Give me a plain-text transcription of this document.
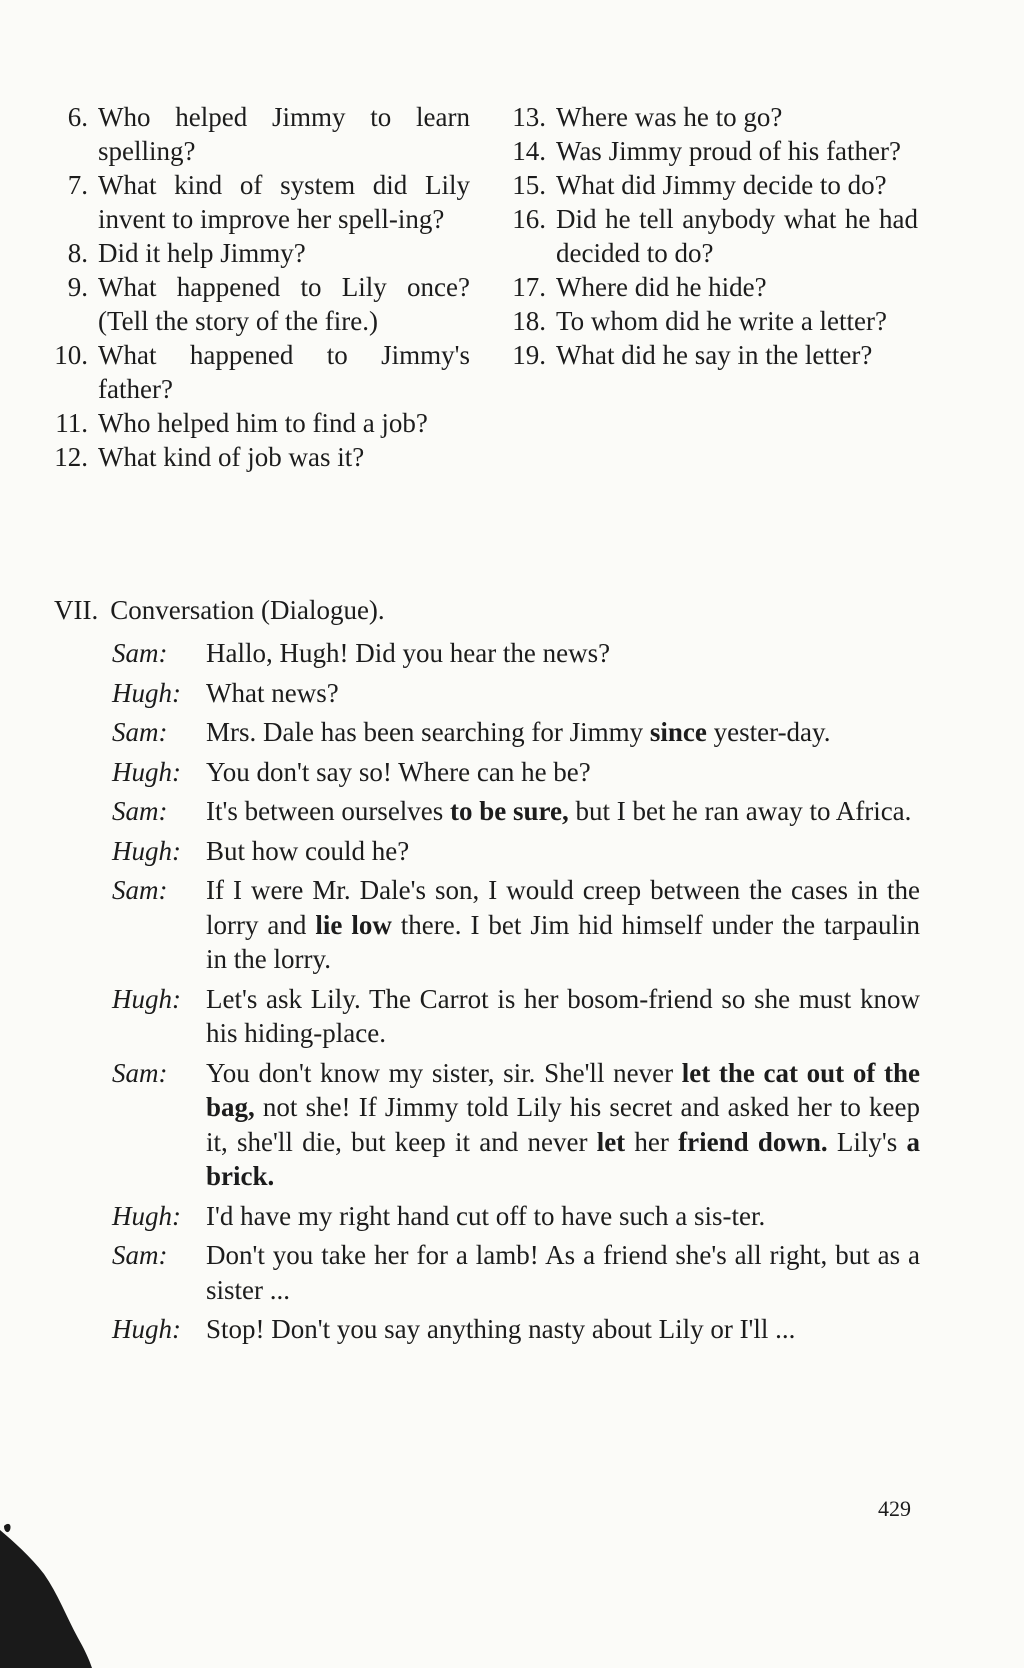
6. Who helped Jimmy to learn spelling?
7. What kind of system did Lily invent to improve her spell-ing?
8. Did it help Jimmy?
9. What happened to Lily once? (Tell the story of the fire.)
10. What happened to Jimmy's father?
11. Who helped him to find a job?
12. What kind of job was it?
13. Where was he to go?
14. Was Jimmy proud of his father?
15. What did Jimmy decide to do?
16. Did he tell anybody what he had decided to do?
17. Where did he hide?
18. To whom did he write a letter?
19. What did he say in the letter?
VII. Conversation (Dialogue).
Sam:	Hallo, Hugh! Did you hear the news?
Hugh: What news?
Sam:	Mrs. Dale has been searching for Jimmy since yester-day.
Hugh: You don't say so! Where can he be?
Sam:	It's between ourselves to be sure, but I bet he ran away to Africa.
Hugh: But how could he?
Sam:	If I were Mr. Dale's son, I would creep between the cases in the lorry and lie low there. I bet Jim hid himself under the tarpaulin in the lorry.
Hugh: Let's ask Lily. The Carrot is her bosom-friend so she must know his hiding-place.
Sam:	You don't know my sister, sir. She'll never let the cat out of the bag, not she! If Jimmy told Lily his secret and asked her to keep it, she'll die, but keep it and never let her friend down. Lily's a brick.
Hugh: I'd have my right hand cut off to have such a sis-ter.
Sam:	Don't you take her for a lamb! As a friend she's all right, but as a sister ...
Hugh: Stop! Don't you say anything nasty about Lily or I'll ...
429
